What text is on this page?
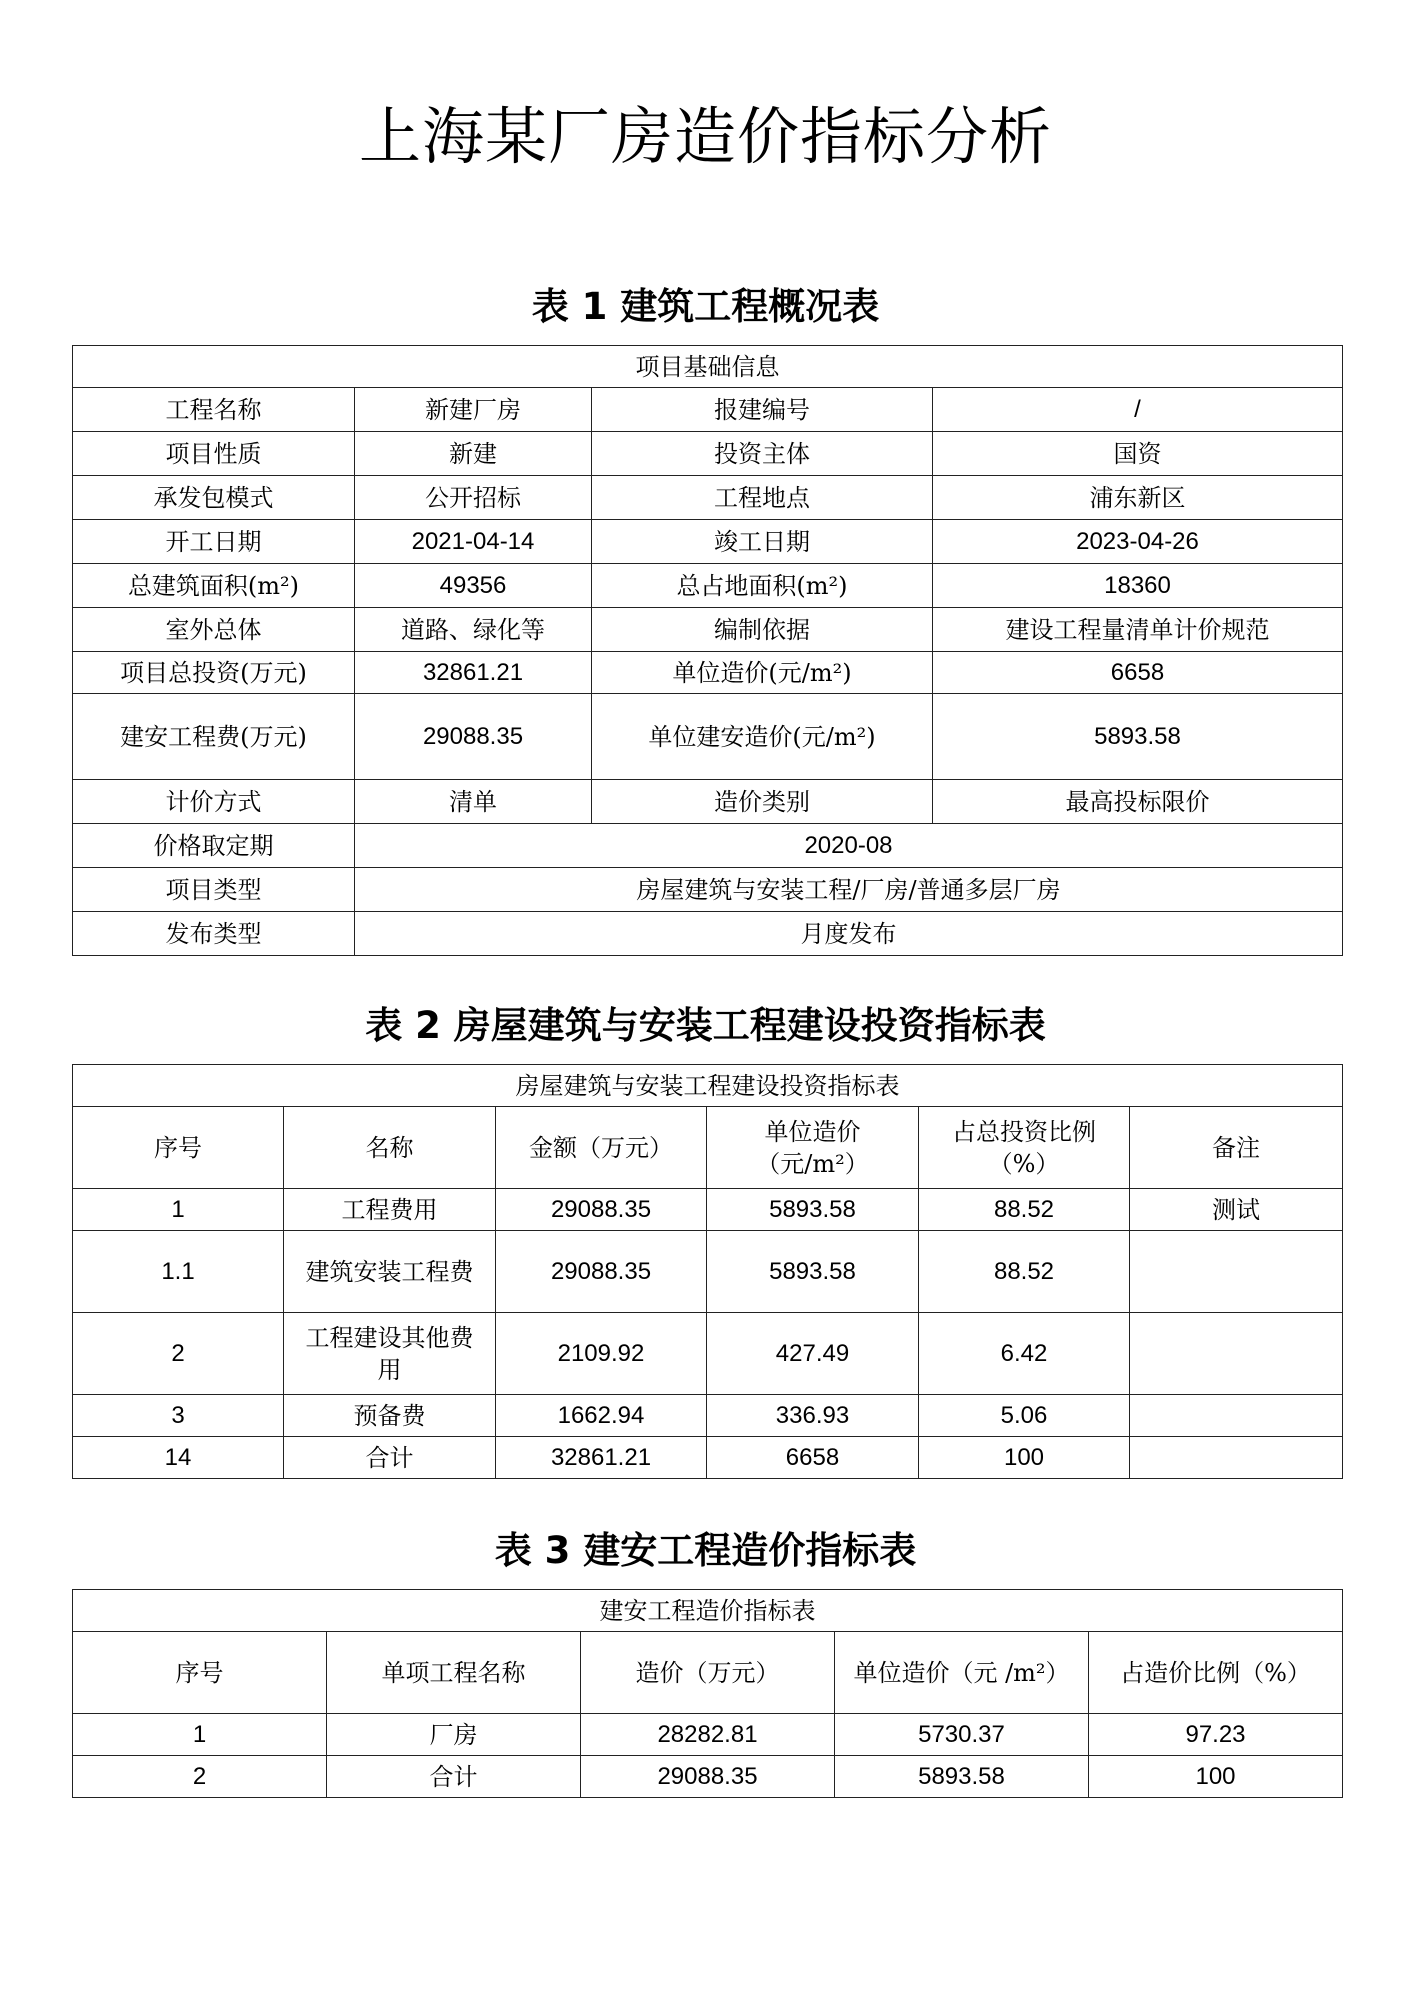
上海某厂房造价指标分析
表 1 建筑工程概况表
项目基础信息			
工程名称	新建厂房	报建编号	/
项目性质	新建	投资主体	国资
承发包模式	公开招标	工程地点	浦东新区
开工日期	2021-04-14	竣工日期	2023-04-26
总建筑面积(m²)	49356	总占地面积(m²)	18360
室外总体	道路、绿化等	编制依据	建设工程量清单计价规范
项目总投资(万元)	32861.21	单位造价(元/m²)	6658
建安工程费(万元)	29088.35	单位建安造价(元/m²)	5893.58
计价方式	清单	造价类别	最高投标限价
价格取定期	2020-08		
项目类型	房屋建筑与安装工程/厂房/普通多层厂房		
发布类型	月度发布		
表 2 房屋建筑与安装工程建设投资指标表
房屋建筑与安装工程建设投资指标表					
序号	名称	金额（万元）	单位造价（元/m²）	占总投资比例（%）	备注
1	工程费用	29088.35	5893.58	88.52	测试
1.1	建筑安装工程费	29088.35	5893.58	88.52	
2	工程建设其他费用	2109.92	427.49	6.42	
3	预备费	1662.94	336.93	5.06	
14	合计	32861.21	6658	100	
表 3 建安工程造价指标表
建安工程造价指标表				
序号	单项工程名称	造价（万元）	单位造价（元 /m²）	占造价比例（%）
1	厂房	28282.81	5730.37	97.23
2	合计	29088.35	5893.58	100
